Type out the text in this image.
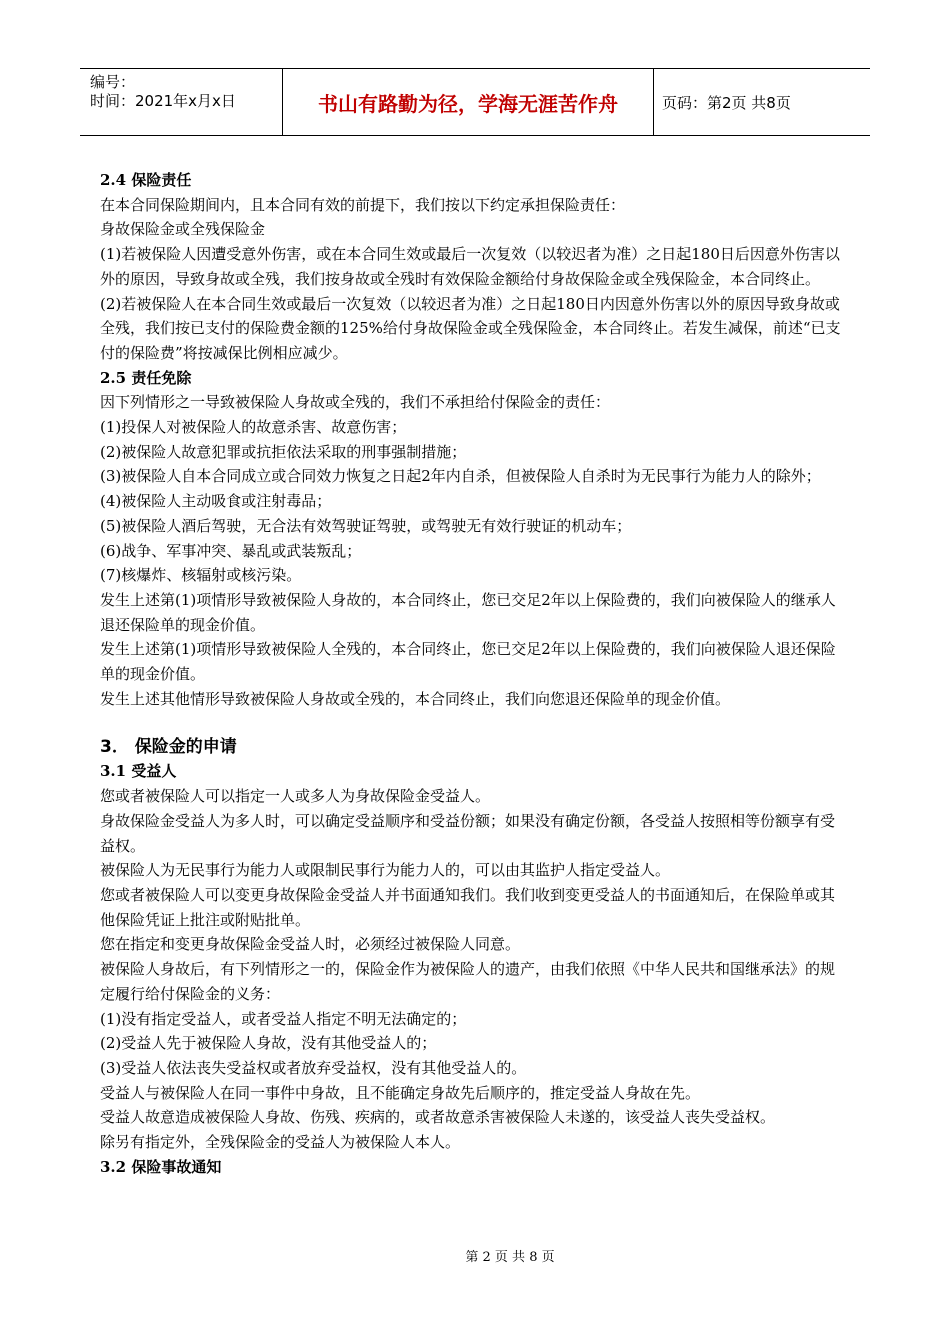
编号：
时间：2021年x月x日	书山有路勤为径，学海无涯苦作舟	页码：第2页 共8页

2.4 保险责任

在本合同保险期间内，且本合同有效的前提下，我们按以下约定承担保险责任：

身故保险金或全残保险金

(1)若被保险人因遭受意外伤害，或在本合同生效或最后一次复效（以较迟者为准）之日起180日后因意外伤害以外的原因，导致身故或全残，我们按身故或全残时有效保险金额给付身故保险金或全残保险金，本合同终止。

(2)若被保险人在本合同生效或最后一次复效（以较迟者为准）之日起180日内因意外伤害以外的原因导致身故或全残，我们按已支付的保险费金额的125%给付身故保险金或全残保险金，本合同终止。若发生减保，前述“已支付的保险费”将按减保比例相应减少。

2.5 责任免除

因下列情形之一导致被保险人身故或全残的，我们不承担给付保险金的责任：

(1)投保人对被保险人的故意杀害、故意伤害；

(2)被保险人故意犯罪或抗拒依法采取的刑事强制措施；

(3)被保险人自本合同成立或合同效力恢复之日起2年内自杀，但被保险人自杀时为无民事行为能力人的除外；

(4)被保险人主动吸食或注射毒品；

(5)被保险人酒后驾驶，无合法有效驾驶证驾驶，或驾驶无有效行驶证的机动车；

(6)战争、军事冲突、暴乱或武装叛乱；

(7)核爆炸、核辐射或核污染。

发生上述第(1)项情形导致被保险人身故的，本合同终止，您已交足2年以上保险费的，我们向被保险人的继承人退还保险单的现金价值。

发生上述第(1)项情形导致被保险人全残的，本合同终止，您已交足2年以上保险费的，我们向被保险人退还保险单的现金价值。

发生上述其他情形导致被保险人身故或全残的，本合同终止，我们向您退还保险单的现金价值。

3． 保险金的申请

3.1 受益人

您或者被保险人可以指定一人或多人为身故保险金受益人。

身故保险金受益人为多人时，可以确定受益顺序和受益份额；如果没有确定份额，各受益人按照相等份额享有受益权。

被保险人为无民事行为能力人或限制民事行为能力人的，可以由其监护人指定受益人。

您或者被保险人可以变更身故保险金受益人并书面通知我们。我们收到变更受益人的书面通知后，在保险单或其他保险凭证上批注或附贴批单。

您在指定和变更身故保险金受益人时，必须经过被保险人同意。

被保险人身故后，有下列情形之一的，保险金作为被保险人的遗产，由我们依照《中华人民共和国继承法》的规定履行给付保险金的义务：

(1)没有指定受益人，或者受益人指定不明无法确定的；

(2)受益人先于被保险人身故，没有其他受益人的；

(3)受益人依法丧失受益权或者放弃受益权，没有其他受益人的。

受益人与被保险人在同一事件中身故，且不能确定身故先后顺序的，推定受益人身故在先。

受益人故意造成被保险人身故、伤残、疾病的，或者故意杀害被保险人未遂的，该受益人丧失受益权。

除另有指定外，全残保险金的受益人为被保险人本人。

3.2 保险事故通知

第 2 页 共 8 页
